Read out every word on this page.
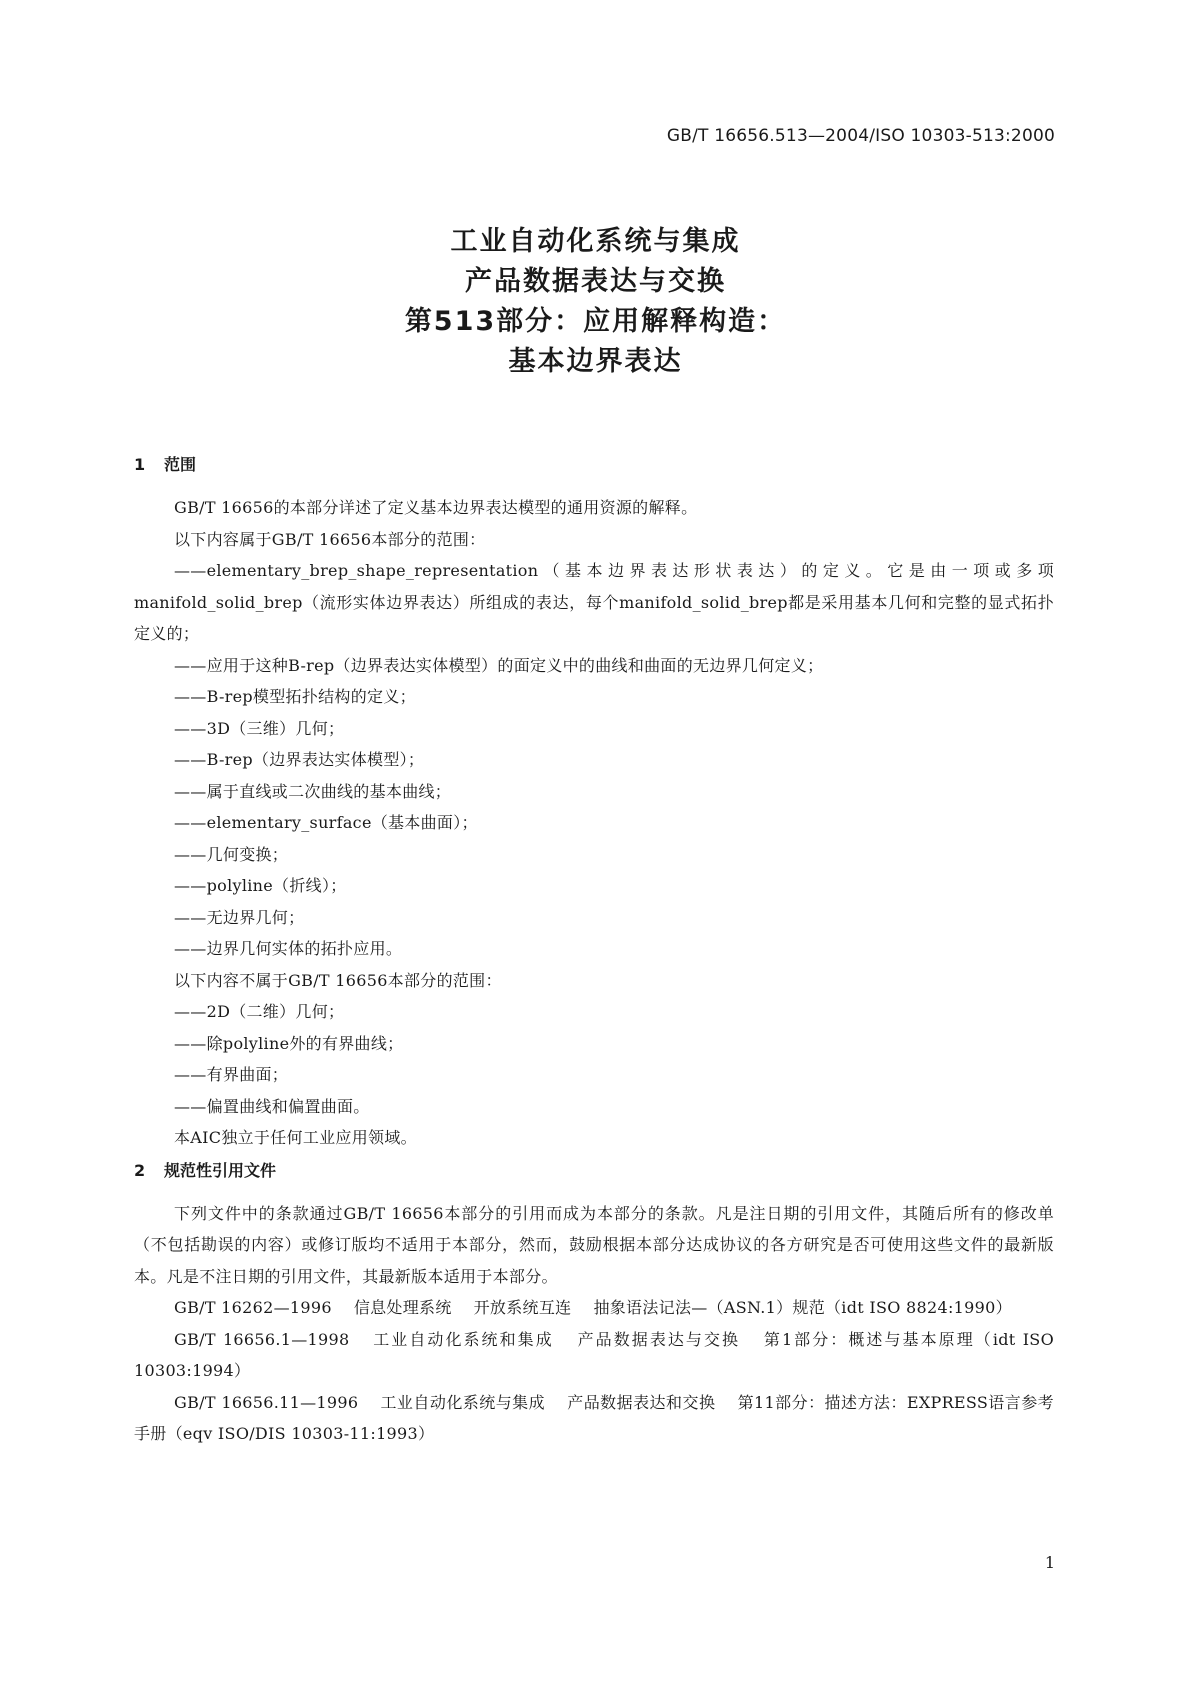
GB/T 16656.513—2004/ISO 10303-513:2000
工业自动化系统与集成
产品数据表达与交换
第513部分：应用解释构造：
基本边界表达
1 范围

GB/T 16656的本部分详述了定义基本边界表达模型的通用资源的解释。

以下内容属于GB/T 16656本部分的范围：

——elementary_brep_shape_representation（基本边界表达形状表达）的定义。它是由一项或多项manifold_solid_brep（流形实体边界表达）所组成的表达，每个manifold_solid_brep都是采用基本几何和完整的显式拓扑定义的；

——应用于这种B-rep（边界表达实体模型）的面定义中的曲线和曲面的无边界几何定义；

——B-rep模型拓扑结构的定义；

——3D（三维）几何；

——B-rep（边界表达实体模型）；

——属于直线或二次曲线的基本曲线；

——elementary_surface（基本曲面）；

——几何变换；

——polyline（折线）；

——无边界几何；

——边界几何实体的拓扑应用。

以下内容不属于GB/T 16656本部分的范围：

——2D（二维）几何；

——除polyline外的有界曲线；

——有界曲面；

——偏置曲线和偏置曲面。

本AIC独立于任何工业应用领域。

2 规范性引用文件

下列文件中的条款通过GB/T 16656本部分的引用而成为本部分的条款。凡是注日期的引用文件，其随后所有的修改单（不包括勘误的内容）或修订版均不适用于本部分，然而，鼓励根据本部分达成协议的各方研究是否可使用这些文件的最新版本。凡是不注日期的引用文件，其最新版本适用于本部分。

GB/T 16262—1996 信息处理系统 开放系统互连 抽象语法记法—（ASN.1）规范（idt ISO 8824:1990）

GB/T 16656.1—1998 工业自动化系统和集成 产品数据表达与交换 第1部分：概述与基本原理（idt ISO 10303:1994）

GB/T 16656.11—1996 工业自动化系统与集成 产品数据表达和交换 第11部分：描述方法：EXPRESS语言参考手册（eqv ISO/DIS 10303-11:1993）

1
